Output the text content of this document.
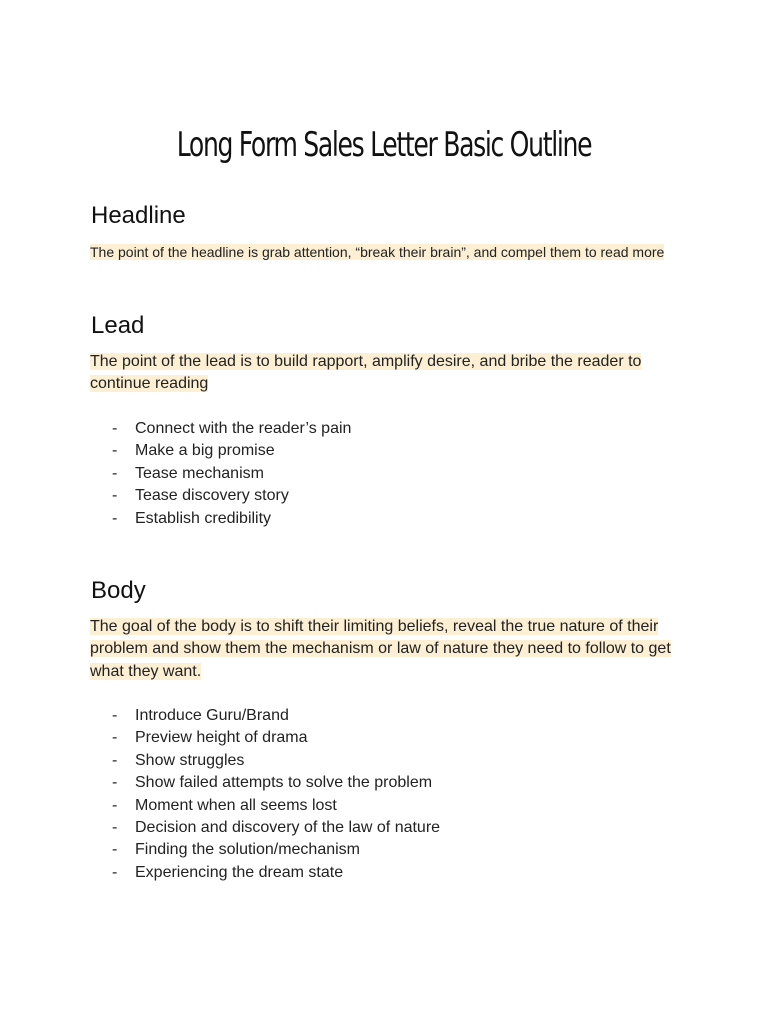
Long Form Sales Letter Basic Outline
Headline

The point of the headline is grab attention, “break their brain”, and compel them to read more

Lead

The point of the lead is to build rapport, amplify desire, and bribe the reader to continue reading

- Connect with the reader’s pain
- Make a big promise
- Tease mechanism
- Tease discovery story
- Establish credibility
Body

The goal of the body is to shift their limiting beliefs, reveal the true nature of their problem and show them the mechanism or law of nature they need to follow to get what they want.

- Introduce Guru/Brand
- Preview height of drama
- Show struggles
- Show failed attempts to solve the problem
- Moment when all seems lost
- Decision and discovery of the law of nature
- Finding the solution/mechanism
- Experiencing the dream state
